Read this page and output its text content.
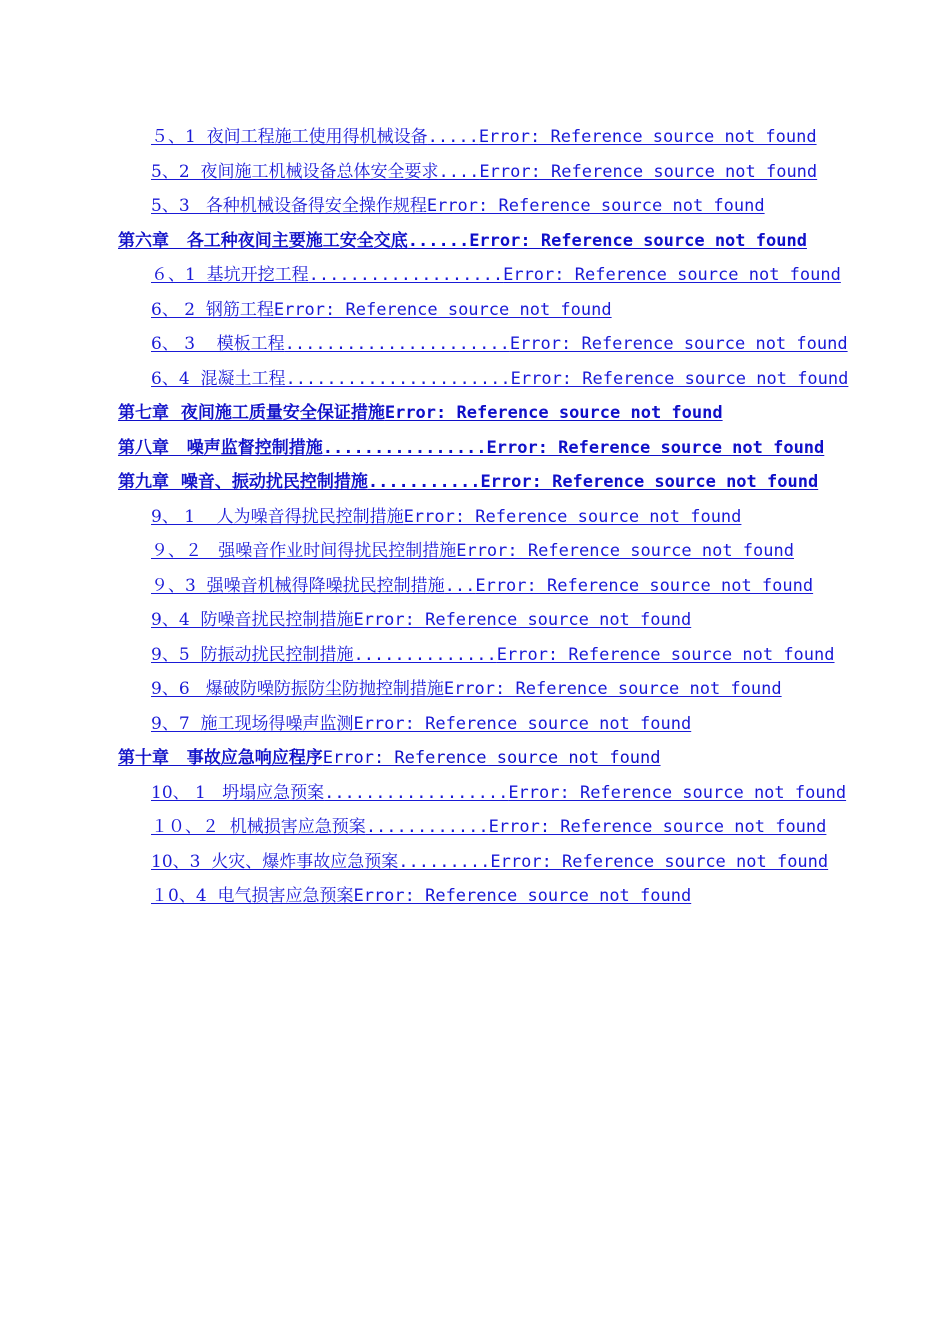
５、1  夜间工程施工使用得机械设备.....Error: Reference source not found
5、2  夜间施工机械设备总体安全要求....Error: Reference source not found
5、3   各种机械设备得安全操作规程Error: Reference source not found
第六章   各工种夜间主要施工安全交底......Error: Reference source not found
６、1  基坑开挖工程...................Error: Reference source not found
6、 2  钢筋工程Error: Reference source not found
6、 3    模板工程......................Error: Reference source not found
6、4  混凝土工程......................Error: Reference source not found
第七章  夜间施工质量安全保证措施Error: Reference source not found
第八章   噪声监督控制措施................Error: Reference source not found
第九章  噪音、振动扰民控制措施...........Error: Reference source not found
9、 1    人为噪音得扰民控制措施Error: Reference source not found
９、２   强噪音作业时间得扰民控制措施Error: Reference source not found
９、3  强噪音机械得降噪扰民控制措施...Error: Reference source not found
9、4  防噪音扰民控制措施Error: Reference source not found
9、5  防振动扰民控制措施..............Error: Reference source not found
9、6   爆破防噪防振防尘防抛控制措施Error: Reference source not found
9、7  施工现场得噪声监测Error: Reference source not found
第十章   事故应急响应程序Error: Reference source not found
10、 1   坍塌应急预案..................Error: Reference source not found
１０、２  机械损害应急预案............Error: Reference source not found
10、3  火灾、爆炸事故应急预案.........Error: Reference source not found
１0、4  电气损害应急预案Error: Reference source not found
